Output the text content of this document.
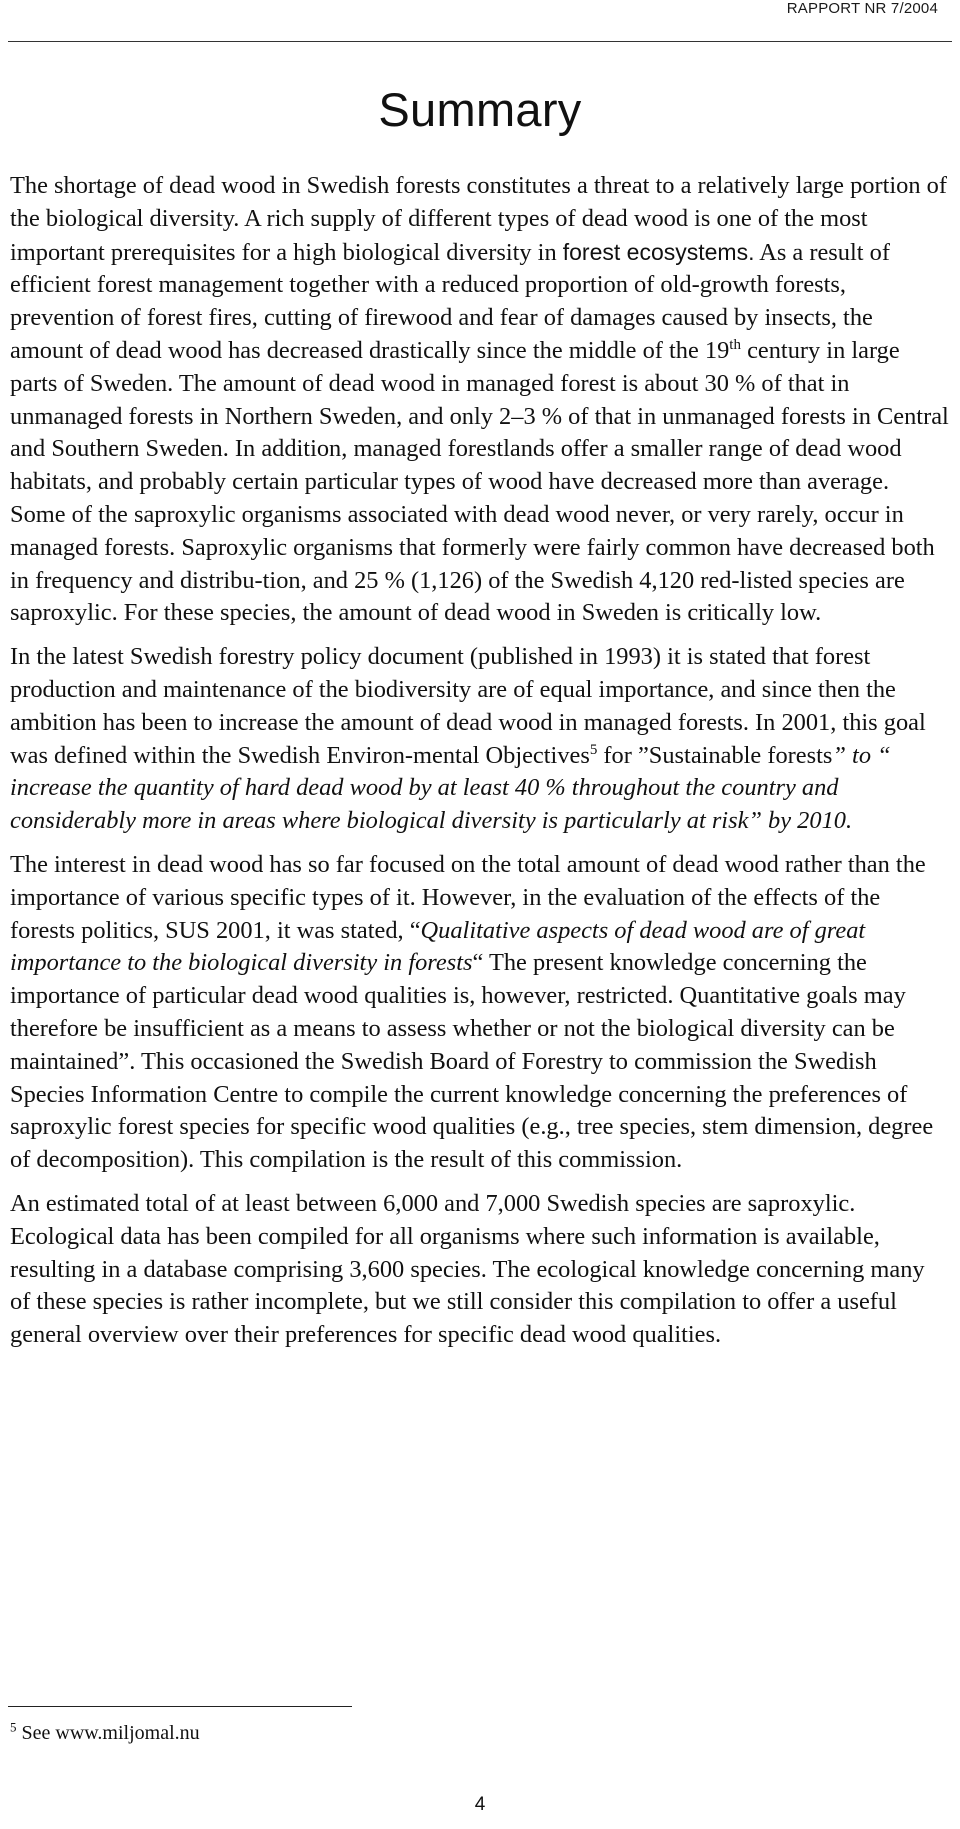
RAPPORT NR 7/2004
Summary

The shortage of dead wood in Swedish forests constitutes a threat to a relatively large portion of the biological diversity. A rich supply of different types of dead wood is one of the most important prerequisites for a high biological diversity in forest ecosystems. As a result of efficient forest management together with a reduced proportion of old-growth forests, prevention of forest fires, cutting of firewood and fear of damages caused by insects, the amount of dead wood has decreased drastically since the middle of the 19th century in large parts of Sweden. The amount of dead wood in managed forest is about 30 % of that in unmanaged forests in Northern Sweden, and only 2–3 % of that in unmanaged forests in Central and Southern Sweden. In addition, managed forestlands offer a smaller range of dead wood habitats, and probably certain particular types of wood have decreased more than average. Some of the saproxylic organisms associated with dead wood never, or very rarely, occur in managed forests. Saproxylic organisms that formerly were fairly common have decreased both in frequency and distribu-tion, and 25 % (1,126) of the Swedish 4,120 red-listed species are saproxylic. For these species, the amount of dead wood in Sweden is critically low.

In the latest Swedish forestry policy document (published in 1993) it is stated that forest production and maintenance of the biodiversity are of equal importance, and since then the ambition has been to increase the amount of dead wood in managed forests. In 2001, this goal was defined within the Swedish Environ-mental Objectives$^5$ for ”Sustainable forests” to “ increase the quantity of hard dead wood by at least 40 % throughout the country and considerably more in areas where biological diversity is particularly at risk” by 2010.

The interest in dead wood has so far focused on the total amount of dead wood rather than the importance of various specific types of it. However, in the evaluation of the effects of the forests politics, SUS 2001, it was stated, “Qualitative aspects of dead wood are of great importance to the biological diversity in forests“ The present knowledge concerning the importance of particular dead wood qualities is, however, restricted. Quantitative goals may therefore be insufficient as a means to assess whether or not the biological diversity can be maintained”. This occasioned the Swedish Board of Forestry to commission the Swedish Species Information Centre to compile the current knowledge concerning the preferences of saproxylic forest species for specific wood qualities (e.g., tree species, stem dimension, degree of decomposition). This compilation is the result of this commission.

An estimated total of at least between 6,000 and 7,000 Swedish species are saproxylic. Ecological data has been compiled for all organisms where such information is available, resulting in a database comprising 3,600 species. The ecological knowledge concerning many of these species is rather incomplete, but we still consider this compilation to offer a useful general overview over their preferences for specific dead wood qualities.

$^5$ See www.miljomal.nu
4
